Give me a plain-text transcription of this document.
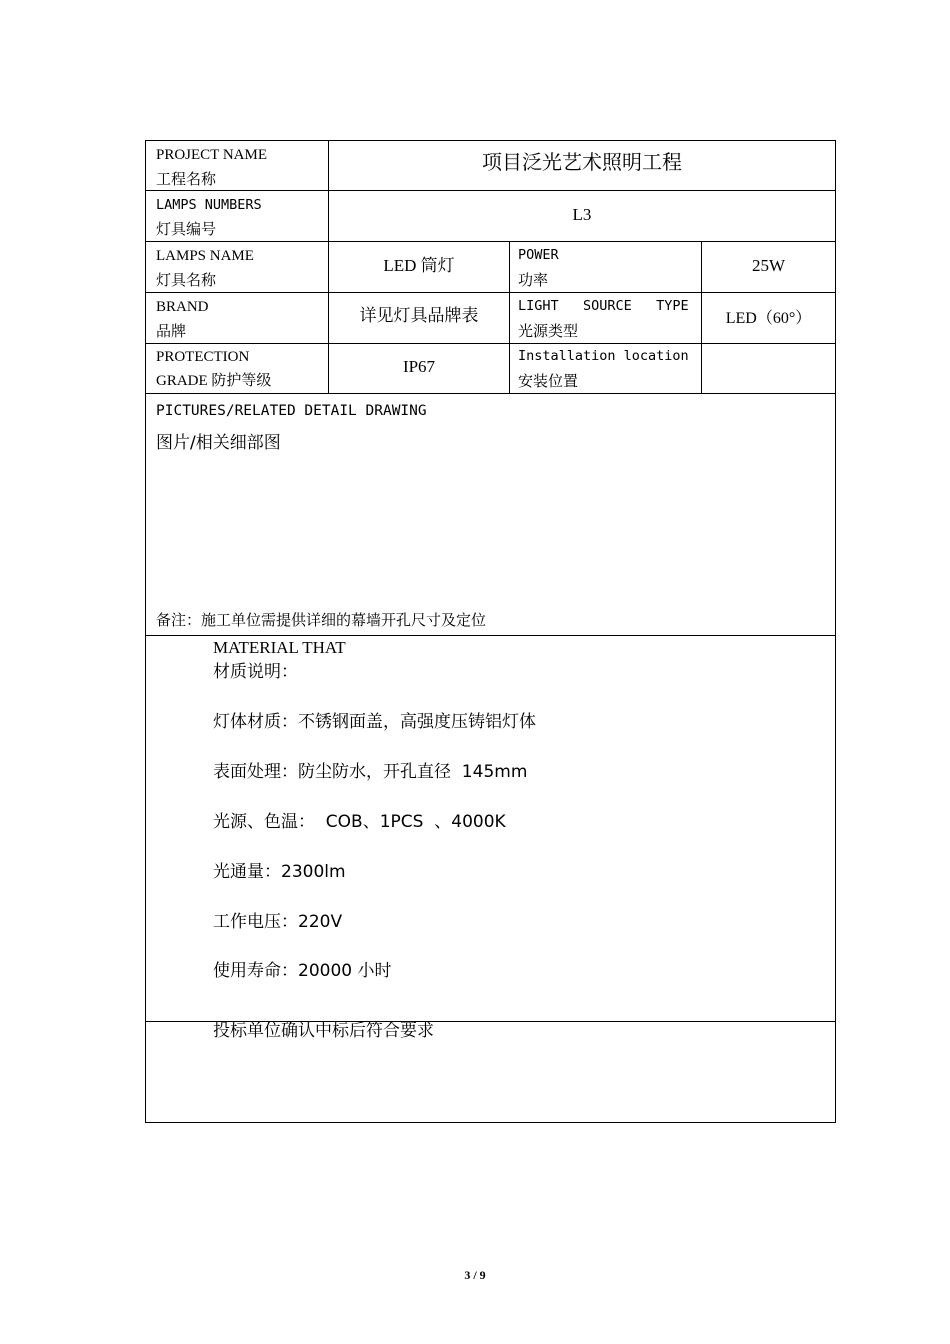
PROJECT NAME
工程名称
项目泛光艺术照明工程
LAMPS NUMBERS
灯具编号
L3
LAMPS NAME
灯具名称
LED 筒灯
POWER
功率
25W
BRAND
品牌
详见灯具品牌表	LIGHT   SOURCE   TYPE
光源类型
LED（60°）
PROTECTION
GRADE 防护等级
IP67
Installation location
安装位置
PICTURES/RELATED DETAIL DRAWING
图片/相关细部图
备注：施工单位需提供详细的幕墙开孔尺寸及定位
MATERIAL THAT
材质说明：
灯体材质：不锈钢面盖，高强度压铸铝灯体
表面处理：防尘防水，开孔直径  145mm
光源、色温：  COB、1PCS  、4000K
光通量：2300lm
工作电压：220V
使用寿命：20000 小时
投标单位确认中标后符合要求
3 / 9
